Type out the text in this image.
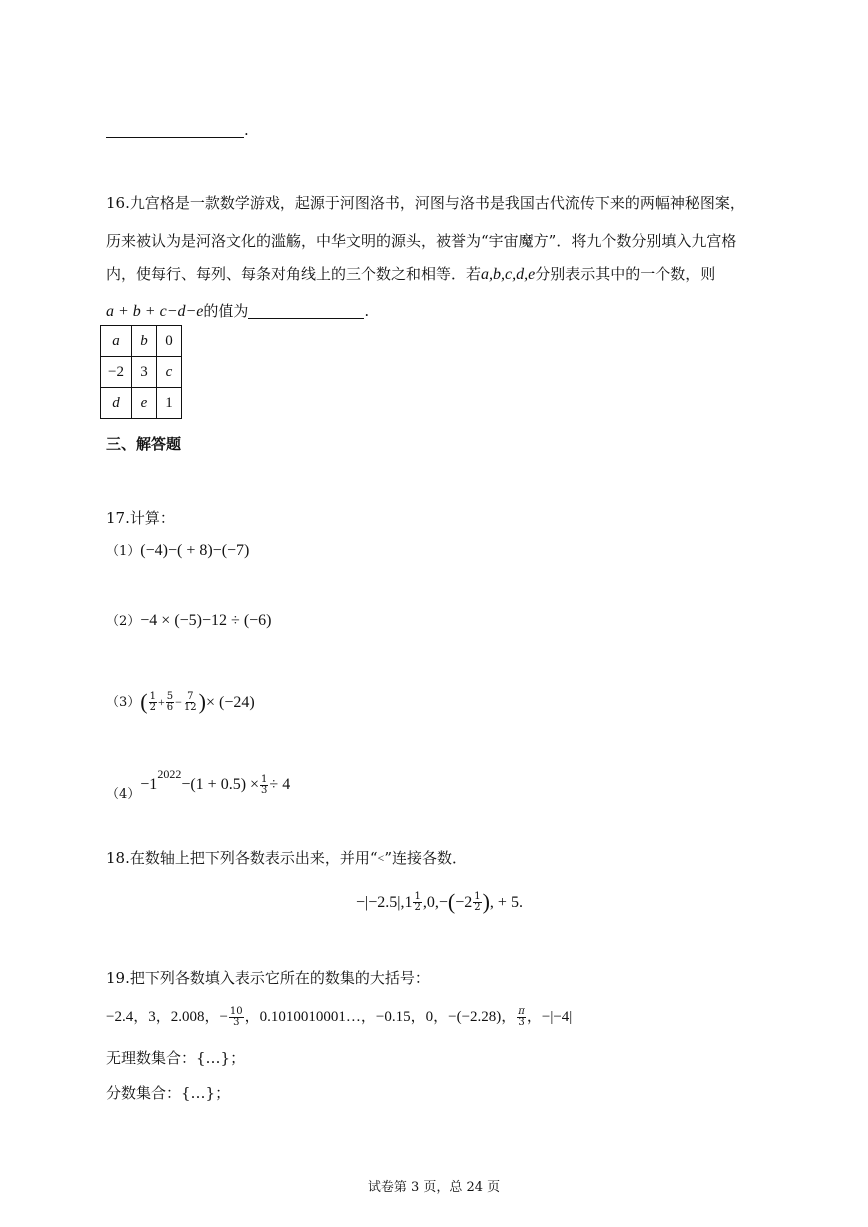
.
16.九宫格是一款数学游戏，起源于河图洛书，河图与洛书是我国古代流传下来的两幅神秘图案，
历来被认为是河洛文化的滥觞，中华文明的源头，被誉为“宇宙魔方”．将九个数分别填入九宫格
内，使每行、每列、每条对角线上的三个数之和相等．若a,b,c,d,e分别表示其中的一个数，则
a + b + c−d−e的值为	.
a	b	0
−2	3	c
d	e	1
三、解答题
17.计算：
（1）(−4)−( + 8)−(−7)
（2）−4 × (−5)−12 ÷ (−6)
（3） ( $\frac{1}{2} + \frac{5}{6} - \frac{7}{12}$ ) × (−24)
（4）
−1
$^{2022}$
$-(1 + 0.5) \times \frac{1}{3} \div 4$
18.在数轴上把下列各数表示出来，并用“<”连接各数．
−|−2.5|, $1 \frac{1}{2} ,0,-$ ( $-2 \frac{1}{2}$ ) , + 5.
19.把下列各数填入表示它所在的数集的大括号：
−2.4，3，2.008，− $\frac{10}{3}$ ，0.1010010001…，−0.15，0，−(−2.28)， $\frac{\pi}{3}$ ，−|−4|
无理数集合：{…}；
分数集合：{…}；
试卷第 3 页，总 24 页
